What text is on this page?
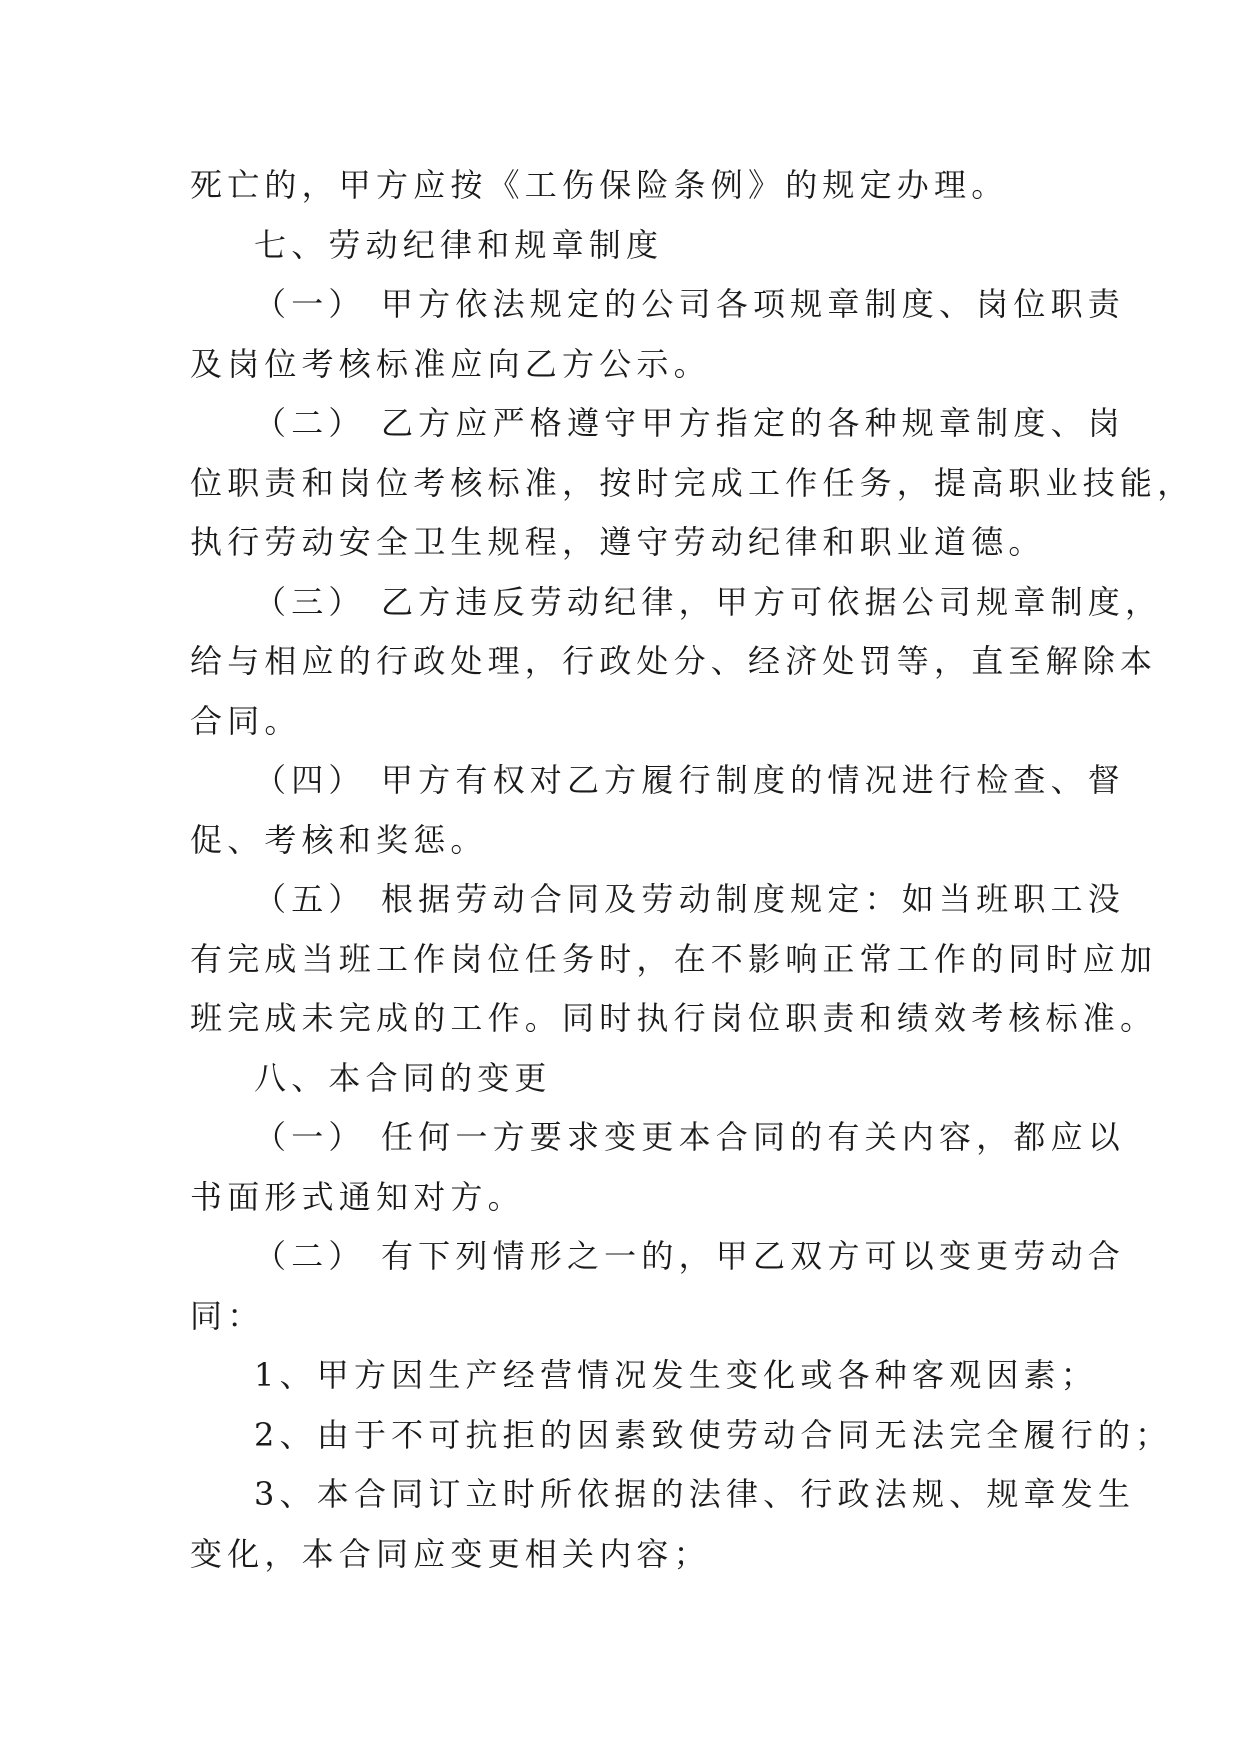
死亡的，甲方应按《工伤保险条例》的规定办理。
七、劳动纪律和规章制度
（一） 甲方依法规定的公司各项规章制度、岗位职责
及岗位考核标准应向乙方公示。
（二） 乙方应严格遵守甲方指定的各种规章制度、岗
位职责和岗位考核标准，按时完成工作任务，提高职业技能，
执行劳动安全卫生规程，遵守劳动纪律和职业道德。
（三） 乙方违反劳动纪律，甲方可依据公司规章制度，
给与相应的行政处理，行政处分、经济处罚等，直至解除本
合同。
（四） 甲方有权对乙方履行制度的情况进行检查、督
促、考核和奖惩。
（五） 根据劳动合同及劳动制度规定：如当班职工没
有完成当班工作岗位任务时，在不影响正常工作的同时应加
班完成未完成的工作。同时执行岗位职责和绩效考核标准。
八、本合同的变更
（一） 任何一方要求变更本合同的有关内容，都应以
书面形式通知对方。
（二） 有下列情形之一的，甲乙双方可以变更劳动合
同：
1、甲方因生产经营情况发生变化或各种客观因素；
2、由于不可抗拒的因素致使劳动合同无法完全履行的；
3、本合同订立时所依据的法律、行政法规、规章发生
变化，本合同应变更相关内容；
